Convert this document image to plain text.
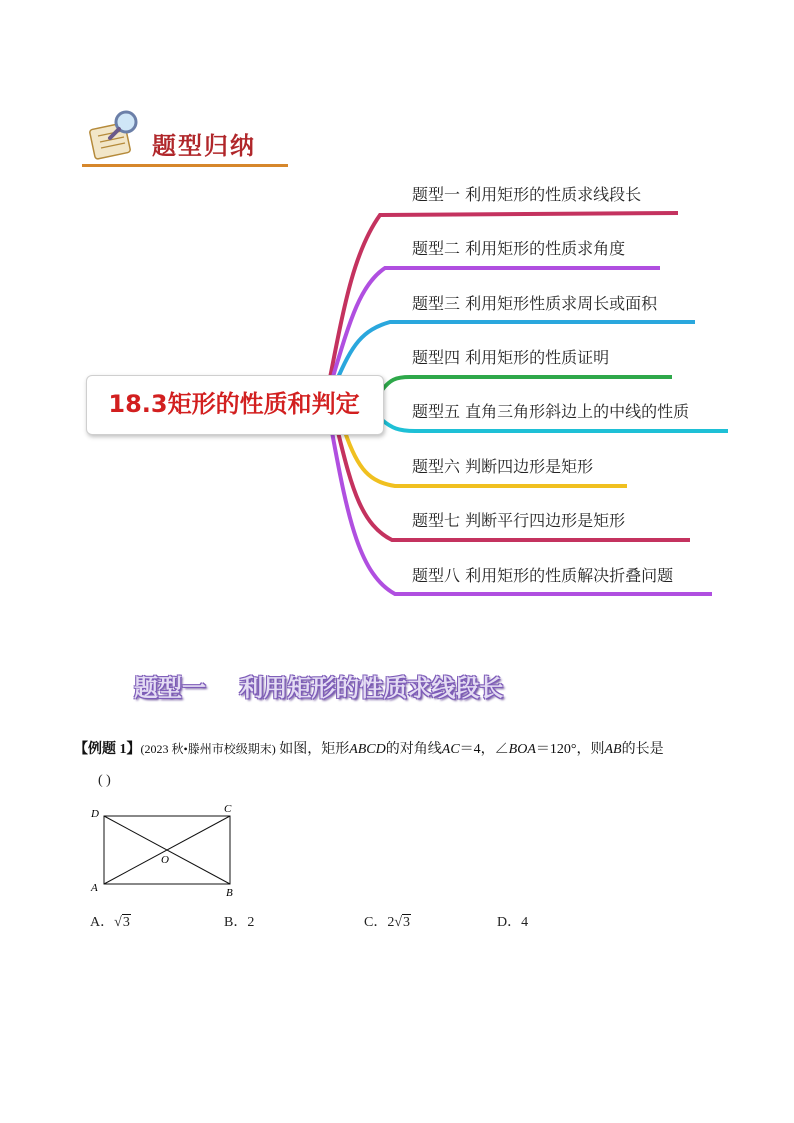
题型归纳
题型一 利用矩形的性质求线段长
题型二 利用矩形的性质求角度
题型三 利用矩形性质求周长或面积
题型四 利用矩形的性质证明
题型五 直角三角形斜边上的中线的性质
题型六 判断四边形是矩形
题型七 判断平行四边形是矩形
题型八 利用矩形的性质解决折叠问题
18.3矩形的性质和判定
题型一    利用矩形的性质求线段长
【例题 1】(2023 秋•滕州市校级期末) 如图，矩形ABCD的对角线AC＝4，∠BOA＝120°，则AB的长是
( )
D	C
A	B
O
A．√3	B．2	C．2√3	D．4
